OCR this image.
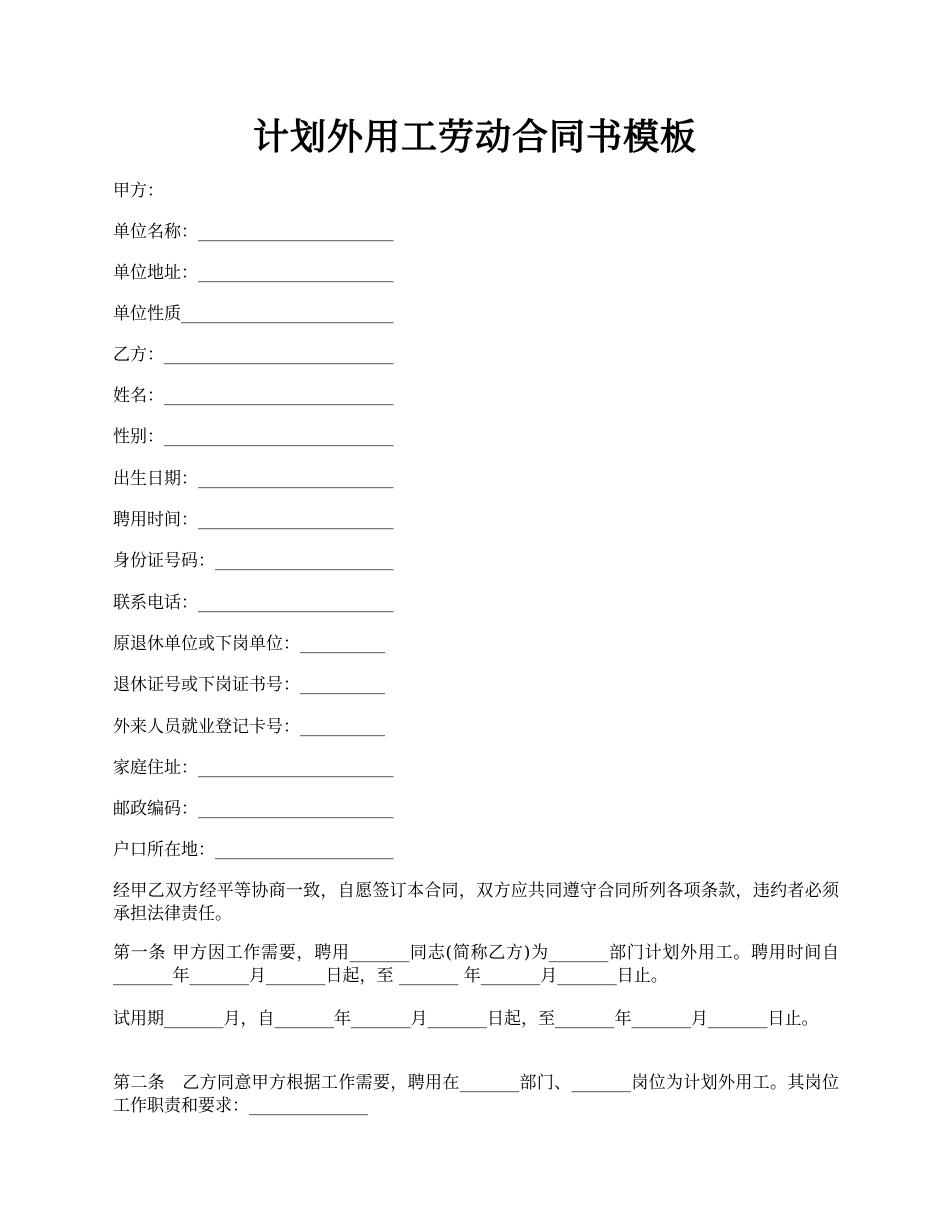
计划外用工劳动合同书模板
甲方：
单位名称：_______________________
单位地址：_______________________
单位性质_________________________
乙方：___________________________
姓名：___________________________
性别：___________________________
出生日期：_______________________
聘用时间：_______________________
身份证号码：_____________________
联系电话：_______________________
原退休单位或下岗单位：__________
退休证号或下岗证书号：__________
外来人员就业登记卡号：__________
家庭住址：_______________________
邮政编码：_______________________
户口所在地：_____________________
经甲乙双方经平等协商一致，自愿签订本合同，双方应共同遵守合同所列各项条款，违约者必须承担法律责任。
第一条 甲方因工作需要，聘用_______同志(简称乙方)为_______部门计划外用工。聘用时间自_______年_______月_______日起，至 _______ 年_______月_______日止。
试用期_______月，自_______年_______月_______日起，至_______年_______月_______日止。
第二条　乙方同意甲方根据工作需要，聘用在_______部门、_______岗位为计划外用工。其岗位工作职责和要求：______________
